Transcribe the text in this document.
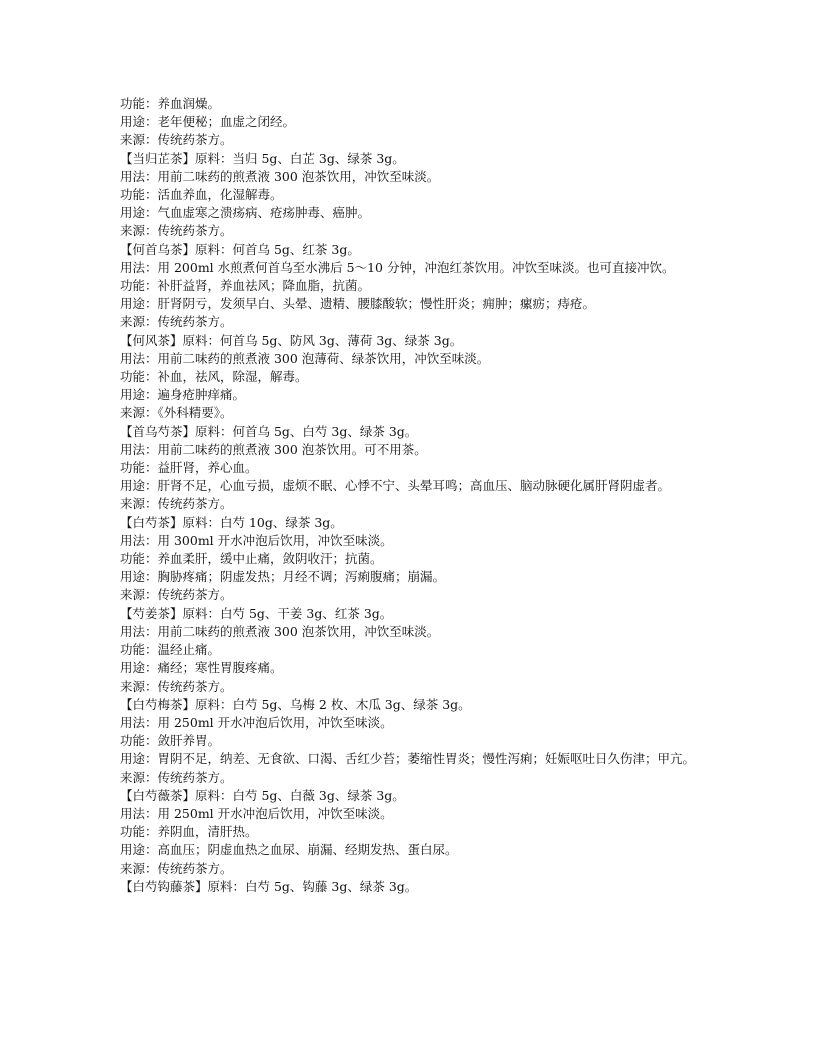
功能：养血润燥。
用途：老年便秘；血虚之闭经。
来源：传统药茶方。
【当归芷茶】原料：当归 5g、白芷 3g、绿茶 3g。
用法：用前二味药的煎煮液 300 泡茶饮用，冲饮至味淡。
功能：活血养血，化湿解毒。
用途：气血虚寒之溃疡病、疮疡肿毒、癌肿。
来源：传统药茶方。
【何首乌茶】原料：何首乌 5g、红茶 3g。
用法：用 200ml 水煎煮何首乌至水沸后 5～10 分钟，冲泡红茶饮用。冲饮至味淡。也可直接冲饮。
功能：补肝益肾，养血祛风；降血脂，抗菌。
用途：肝肾阴亏，发须早白、头晕、遗精、腰膝酸软；慢性肝炎；痈肿；瘰疬；痔疮。
来源：传统药茶方。
【何风茶】原料：何首乌 5g、防风 3g、薄荷 3g、绿茶 3g。
用法：用前二味药的煎煮液 300 泡薄荷、绿茶饮用，冲饮至味淡。
功能：补血，祛风，除湿，解毒。
用途：遍身疮肿痒痛。
来源：《外科精要》。
【首乌芍茶】原料：何首乌 5g、白芍 3g、绿茶 3g。
用法：用前二味药的煎煮液 300 泡茶饮用。可不用茶。
功能：益肝肾，养心血。
用途：肝肾不足，心血亏损，虚烦不眠、心悸不宁、头晕耳鸣；高血压、脑动脉硬化属肝肾阴虚者。
来源：传统药茶方。
【白芍茶】原料：白芍 10g、绿茶 3g。
用法：用 300ml 开水冲泡后饮用，冲饮至味淡。
功能：养血柔肝，缓中止痛，敛阴收汗；抗菌。
用途：胸胁疼痛；阴虚发热；月经不调；泻痢腹痛；崩漏。
来源：传统药茶方。
【芍姜茶】原料：白芍 5g、干姜 3g、红茶 3g。
用法：用前二味药的煎煮液 300 泡茶饮用，冲饮至味淡。
功能：温经止痛。
用途：痛经；寒性胃腹疼痛。
来源：传统药茶方。
【白芍梅茶】原料：白芍 5g、乌梅 2 枚、木瓜 3g、绿茶 3g。
用法：用 250ml 开水冲泡后饮用，冲饮至味淡。
功能：敛肝养胃。
用途：胃阴不足，纳差、无食欲、口渴、舌红少苔；萎缩性胃炎；慢性泻痢；妊娠呕吐日久伤津；甲亢。
来源：传统药茶方。
【白芍薇茶】原料：白芍 5g、白薇 3g、绿茶 3g。
用法：用 250ml 开水冲泡后饮用，冲饮至味淡。
功能：养阴血，清肝热。
用途：高血压；阴虚血热之血尿、崩漏、经期发热、蛋白尿。
来源：传统药茶方。
【白芍钩藤茶】原料：白芍 5g、钩藤 3g、绿茶 3g。
